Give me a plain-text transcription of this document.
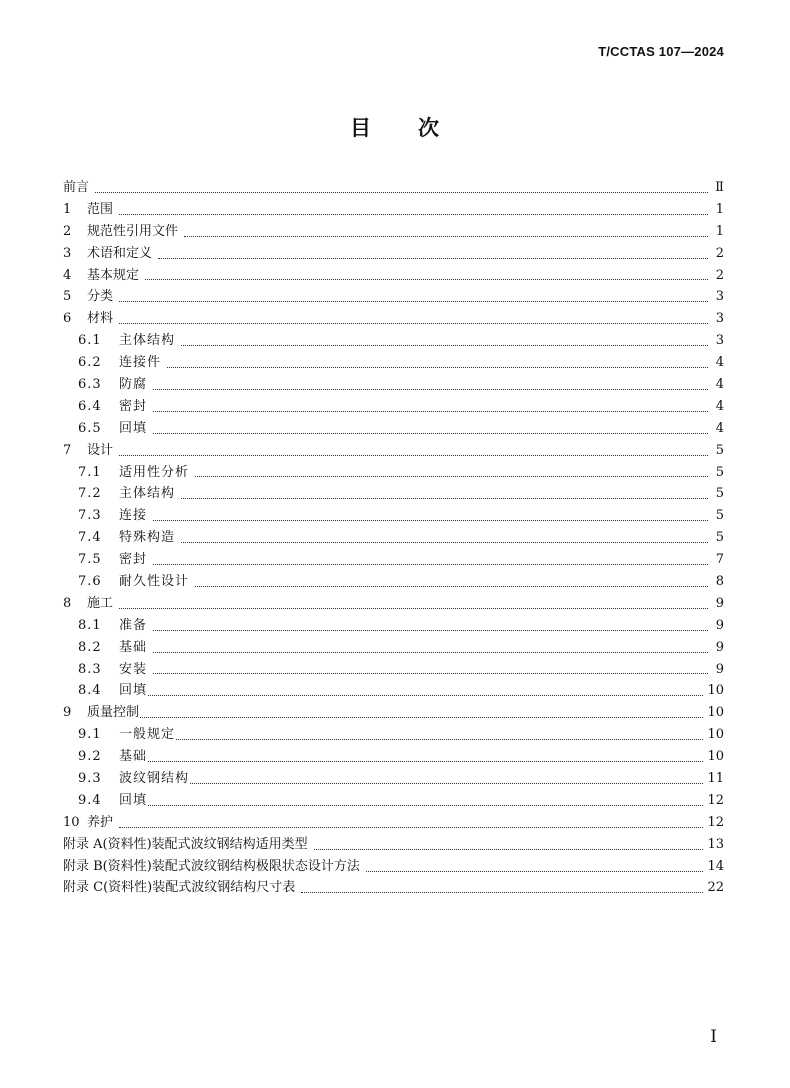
T/CCTAS 107—2024
目 次
前言	Ⅱ
1 范围	1
2 规范性引用文件	1
3 术语和定义	2
4 基本规定	2
5 分类	3
6 材料	3
6.1 主体结构	3
6.2 连接件	4
6.3 防腐	4
6.4 密封	4
6.5 回填	4
7 设计	5
7.1 适用性分析	5
7.2 主体结构	5
7.3 连接	5
7.4 特殊构造	5
7.5 密封	7
7.6 耐久性设计	8
8 施工	9
8.1 准备	9
8.2 基础	9
8.3 安装	9
8.4 回填	10
9 质量控制	10
9.1 一般规定	10
9.2 基础	10
9.3 波纹钢结构	11
9.4 回填	12
10 养护	12
附录 A(资料性)装配式波纹钢结构适用类型	13
附录 B(资料性)装配式波纹钢结构极限状态设计方法	14
附录 C(资料性)装配式波纹钢结构尺寸表	22
I
